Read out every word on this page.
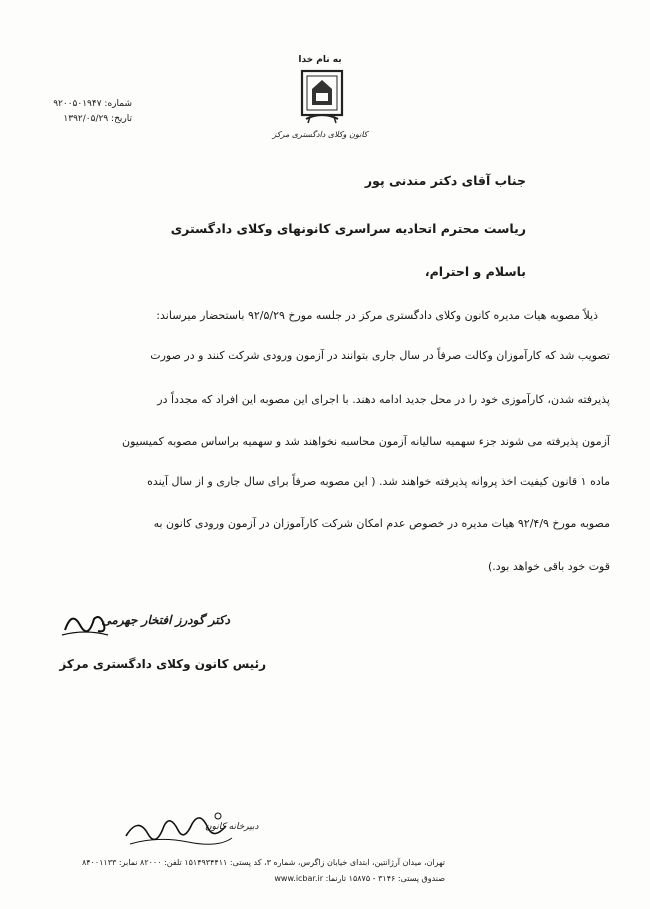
به نام خدا
کانون وکلای دادگستری مرکز
شماره: ۹۲۰۰۵۰۱۹۴۷
تاریخ: ۱۳۹۲/۰۵/۲۹
جناب آقای دکتر مندنی پور
ریاست محترم اتحادیه سراسری کانونهای وکلای دادگستری
باسلام و احترام،
ذیلاً مصوبه هیات مدیره کانون وکلای دادگستری مرکز در جلسه مورخ ۹۲/۵/۲۹ باستحضار میرساند:
تصویب شد که کارآموزان وکالت صرفاً در سال جاری بتوانند در آزمون ورودی شرکت کنند و در صورت
پذیرفته شدن، کارآموزی خود را در محل جدید ادامه دهند. با اجرای این مصوبه این افراد که مجدداً در
آزمون پذیرفته می شوند جزء سهمیه سالیانه آزمون محاسبه نخواهند شد و سهمیه براساس مصوبه کمیسیون
ماده ۱ قانون کیفیت اخذ پروانه پذیرفته خواهند شد. ( این مصوبه صرفاً برای سال جاری و از سال آینده
مصوبه مورخ ۹۲/۴/۹ هیات مدیره در خصوص عدم امکان شرکت کارآموزان در آزمون ورودی کانون به
قوت خود باقی خواهد بود.)
دکتر گودرز افتخار جهرمی
رئیس کانون وکلای دادگستری مرکز
دبیرخانه کانون
تهران، میدان آرژانتین، ابتدای خیابان زاگرس، شماره ۳، کد پستی: ۱۵۱۴۹۳۴۴۱۱ تلفن: ۸۲۰۰۰ نمابر: ۸۴۰۰۱۱۳۳
صندوق پستی: ۳۱۴۶ - ۱۵۸۷۵ تارنما: www.icbar.ir
